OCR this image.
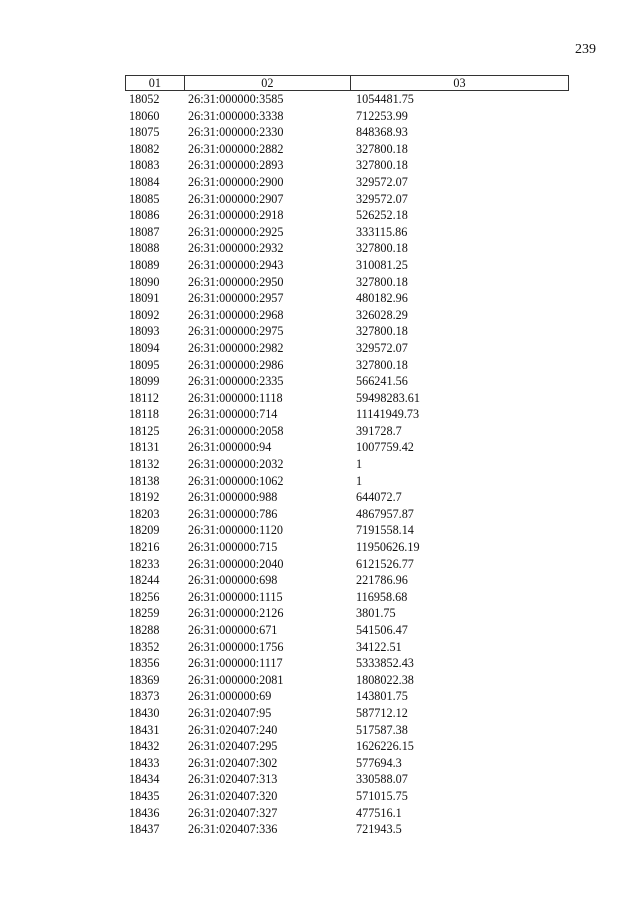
239
01	02	03
18052	26:31:000000:3585	1054481.75
18060	26:31:000000:3338	712253.99
18075	26:31:000000:2330	848368.93
18082	26:31:000000:2882	327800.18
18083	26:31:000000:2893	327800.18
18084	26:31:000000:2900	329572.07
18085	26:31:000000:2907	329572.07
18086	26:31:000000:2918	526252.18
18087	26:31:000000:2925	333115.86
18088	26:31:000000:2932	327800.18
18089	26:31:000000:2943	310081.25
18090	26:31:000000:2950	327800.18
18091	26:31:000000:2957	480182.96
18092	26:31:000000:2968	326028.29
18093	26:31:000000:2975	327800.18
18094	26:31:000000:2982	329572.07
18095	26:31:000000:2986	327800.18
18099	26:31:000000:2335	566241.56
18112	26:31:000000:1118	59498283.61
18118	26:31:000000:714	11141949.73
18125	26:31:000000:2058	391728.7
18131	26:31:000000:94	1007759.42
18132	26:31:000000:2032	1
18138	26:31:000000:1062	1
18192	26:31:000000:988	644072.7
18203	26:31:000000:786	4867957.87
18209	26:31:000000:1120	7191558.14
18216	26:31:000000:715	11950626.19
18233	26:31:000000:2040	6121526.77
18244	26:31:000000:698	221786.96
18256	26:31:000000:1115	116958.68
18259	26:31:000000:2126	3801.75
18288	26:31:000000:671	541506.47
18352	26:31:000000:1756	34122.51
18356	26:31:000000:1117	5333852.43
18369	26:31:000000:2081	1808022.38
18373	26:31:000000:69	143801.75
18430	26:31:020407:95	587712.12
18431	26:31:020407:240	517587.38
18432	26:31:020407:295	1626226.15
18433	26:31:020407:302	577694.3
18434	26:31:020407:313	330588.07
18435	26:31:020407:320	571015.75
18436	26:31:020407:327	477516.1
18437	26:31:020407:336	721943.5
